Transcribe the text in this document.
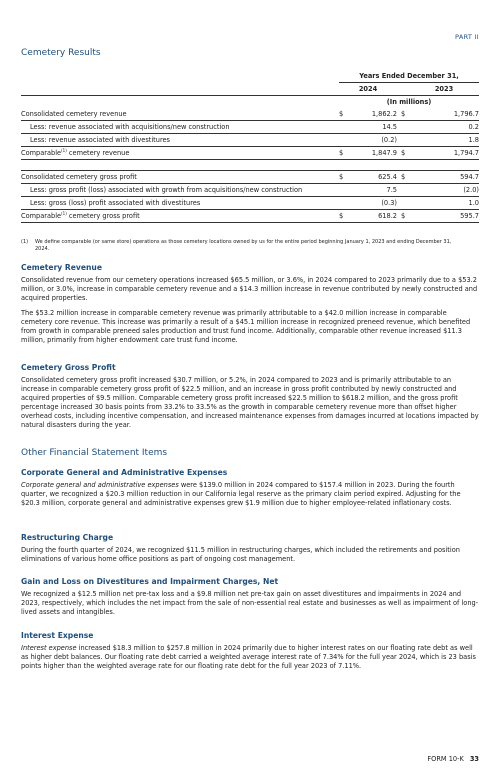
PART II
Cemetery Results
	Years Ended December 31,				
	2024			2023	
	(In millions)				
Consolidated cemetery revenue	$	1,862.2	$		1,796.7
Less: revenue associated with acquisitions/new construction		14.5			0.2
Less: revenue associated with divestitures		(0.2)			1.8
Comparable$^{(1)}$ cemetery revenue	$	1,847.9	$		1,794.7

Consolidated cemetery gross profit	$	625.4	$		594.7
Less: gross profit (loss) associated with growth from acquisitions/new construction		7.5			(2.0)
Less: gross (loss) profit associated with divestitures		(0.3)			1.0
Comparable$^{(1)}$ cemetery gross profit	$	618.2	$		595.7
(1)	We define comparable (or same store) operations as those cemetery locations owned by us for the entire period beginning January 1, 2023 and ending December 31, 2024.
Cemetery Revenue

Consolidated revenue from our cemetery operations increased $65.5 million, or 3.6%, in 2024 compared to 2023 primarily due to a $53.2 million, or 3.0%, increase in comparable cemetery revenue and a $14.3 million increase in revenue contributed by newly constructed and acquired properties.

The $53.2 million increase in comparable cemetery revenue was primarily attributable to a $42.0 million increase in comparable cemetery core revenue. This increase was primarily a result of a $45.1 million increase in recognized preneed revenue, which benefited from growth in comparable preneed sales production and trust fund income. Additionally, comparable other revenue increased $11.3 million, primarily from higher endowment care trust fund income.

Cemetery Gross Profit

Consolidated cemetery gross profit increased $30.7 million, or 5.2%, in 2024 compared to 2023 and is primarily attributable to an increase in comparable cemetery gross profit of $22.5 million, and an increase in gross profit contributed by newly constructed and acquired properties of $9.5 million. Comparable cemetery gross profit increased $22.5 million to $618.2 million, and the gross profit percentage increased 30 basis points from 33.2% to 33.5% as the growth in comparable cemetery revenue more than offset higher overhead costs, including incentive compensation, and increased maintenance expenses from damages incurred at locations impacted by natural disasters during the year.

Other Financial Statement Items
Corporate General and Administrative Expenses

Corporate general and administrative expenses were $139.0 million in 2024 compared to $157.4 million in 2023. During the fourth quarter, we recognized a $20.3 million reduction in our California legal reserve as the primary claim period expired. Adjusting for the $20.3 million, corporate general and administrative expenses grew $1.9 million due to higher employee-related inflationary costs.

Restructuring Charge

During the fourth quarter of 2024, we recognized $11.5 million in restructuring charges, which included the retirements and position eliminations of various home office positions as part of ongoing cost management.

Gain and Loss on Divestitures and Impairment Charges, Net

We recognized a $12.5 million net pre-tax loss and a $9.8 million net pre-tax gain on asset divestitures and impairments in 2024 and 2023, respectively, which includes the net impact from the sale of non-essential real estate and businesses as well as impairment of long-lived assets and intangibles.

Interest Expense

Interest expense increased $18.3 million to $257.8 million in 2024 primarily due to higher interest rates on our floating rate debt as well as higher debt balances. Our floating rate debt carried a weighted average interest rate of 7.34% for the full year 2024, which is 23 basis points higher than the weighted average rate for our floating rate debt for the full year 2023 of 7.11%.

FORM 10-K 33
